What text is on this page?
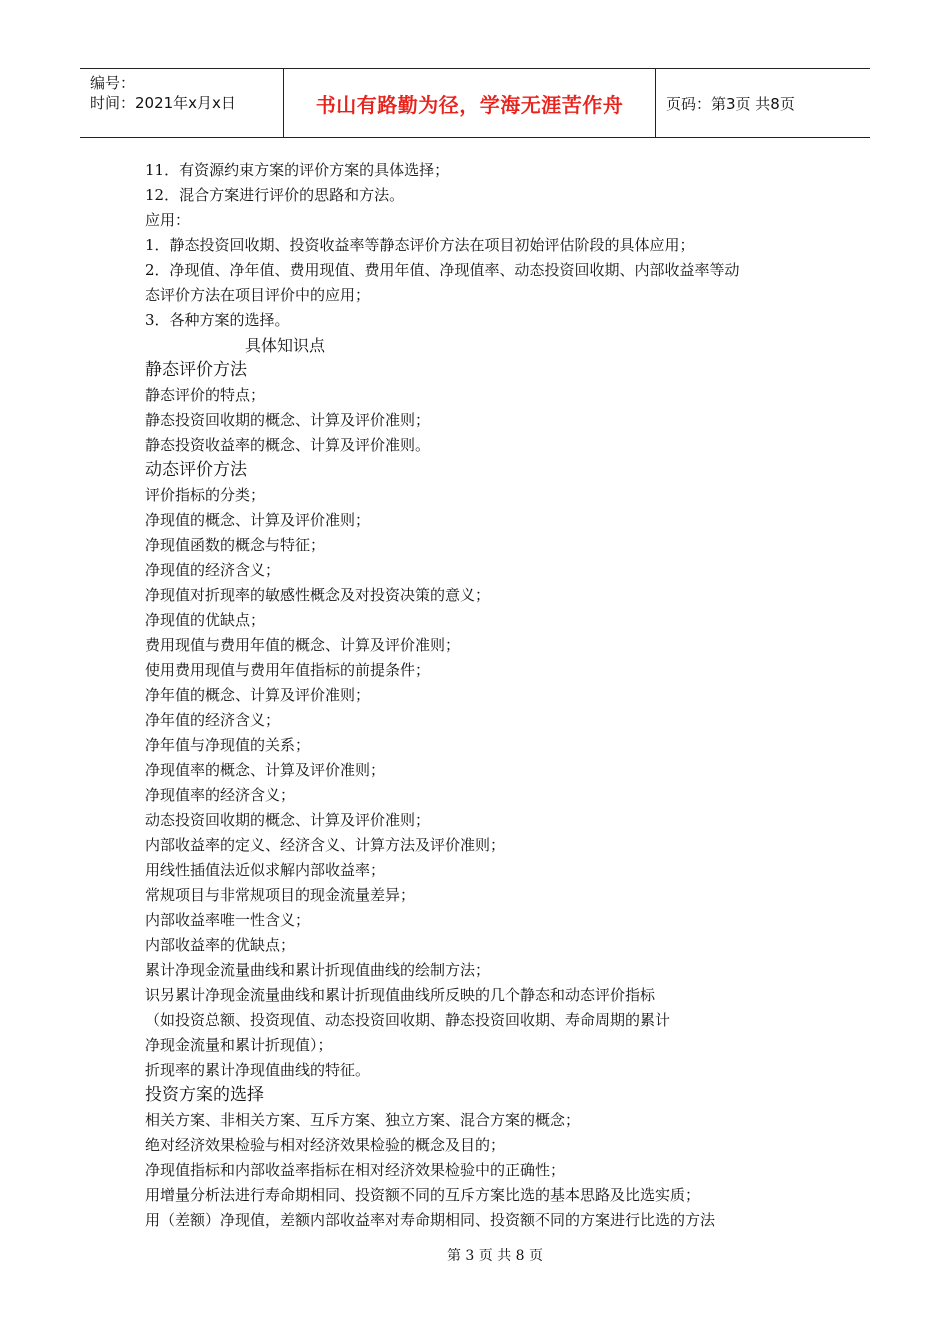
编号：
时间：2021年x月x日	书山有路勤为径，学海无涯苦作舟	页码：第3页 共8页
11．有资源约束方案的评价方案的具体选择；
12．混合方案进行评价的思路和方法。
应用：
1．静态投资回收期、投资收益率等静态评价方法在项目初始评估阶段的具体应用；
2．净现值、净年值、费用现值、费用年值、净现值率、动态投资回收期、内部收益率等动
态评价方法在项目评价中的应用；
3．各种方案的选择。
具体知识点
静态评价方法
静态评价的特点；
静态投资回收期的概念、计算及评价准则；
静态投资收益率的概念、计算及评价准则。
动态评价方法
评价指标的分类；
净现值的概念、计算及评价准则；
净现值函数的概念与特征；
净现值的经济含义；
净现值对折现率的敏感性概念及对投资决策的意义；
净现值的优缺点；
费用现值与费用年值的概念、计算及评价准则；
使用费用现值与费用年值指标的前提条件；
净年值的概念、计算及评价准则；
净年值的经济含义；
净年值与净现值的关系；
净现值率的概念、计算及评价准则；
净现值率的经济含义；
动态投资回收期的概念、计算及评价准则；
内部收益率的定义、经济含义、计算方法及评价准则；
用线性插值法近似求解内部收益率；
常规项目与非常规项目的现金流量差异；
内部收益率唯一性含义；
内部收益率的优缺点；
累计净现金流量曲线和累计折现值曲线的绘制方法；
识另累计净现金流量曲线和累计折现值曲线所反映的几个静态和动态评价指标
（如投资总额、投资现值、动态投资回收期、静态投资回收期、寿命周期的累计
净现金流量和累计折现值）；
折现率的累计净现值曲线的特征。
投资方案的选择
相关方案、非相关方案、互斥方案、独立方案、混合方案的概念；
绝对经济效果检验与相对经济效果检验的概念及目的；
净现值指标和内部收益率指标在相对经济效果检验中的正确性；
用增量分析法进行寿命期相同、投资额不同的互斥方案比选的基本思路及比选实质；
用（差额）净现值，差额内部收益率对寿命期相同、投资额不同的方案进行比选的方法
第 3 页 共 8 页
